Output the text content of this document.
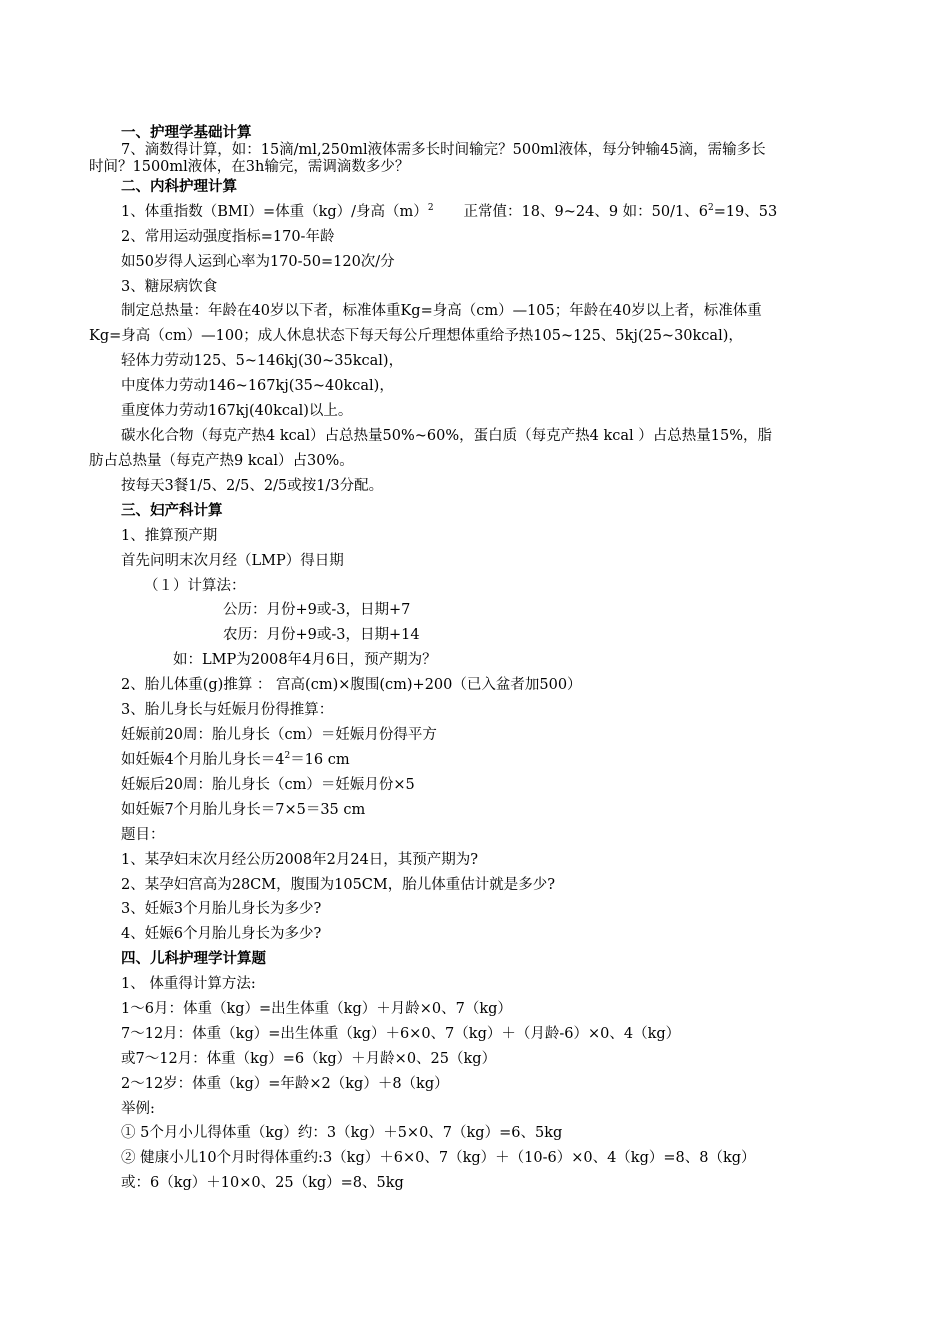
一、护理学基础计算
7、滴数得计算，如：15滴/ml,250ml液体需多长时间输完？500ml液体，每分钟输45滴，需输多长
时间？1500ml液体，在3h输完，需调滴数多少？
二、内科护理计算
1、体重指数（BMI）=体重（kg）/身高$(m)^2$ 正常值：18、9~24、9 如：50/1、$6^2=19$、53
2、常用运动强度指标=170-年龄
如50岁得人运到心率为170-50=120次/分
3、糖尿病饮食
制定总热量：年龄在40岁以下者，标准体重Kg=身高（cm）—105；年龄在40岁以上者，标准体重
Kg=身高（cm）—100；成人休息状态下每天每公斤理想体重给予热105~125、5kj(25~30kcal)，
轻体力劳动125、5~146kj(30~35kcal)，
中度体力劳动146~167kj(35~40kcal)，
重度体力劳动167kj(40kcal)以上。
碳水化合物（每克产热4 kcal）占总热量50%~60%，蛋白质（每克产热4 kcal ）占总热量15%，脂
肪占总热量（每克产热9 kcal）占30%。
按每天3餐1/5、2/5、2/5或按1/3分配。
三、妇产科计算
1、推算预产期
首先问明末次月经（LMP）得日期
（１）计算法：
公历：月份+9或-3，日期+7
农历：月份+9或-3，日期+14
如：LMP为2008年4月6日，预产期为？
2、胎儿体重(g)推算 ： 宫高(cm)×腹围(cm)+200（已入盆者加500）
3、胎儿身长与妊娠月份得推算：
妊娠前20周：胎儿身长（cm）＝妊娠月份得平方
如妊娠4个月胎儿身长$=4^2=16$ cm
妊娠后20周：胎儿身长（cm）＝妊娠月份×5
如妊娠7个月胎儿身长＝7×5＝35 cm
题目：
1、某孕妇末次月经公历2008年2月24日，其预产期为?
2、某孕妇宫高为28CM，腹围为105CM，胎儿体重估计就是多少?
3、妊娠3个月胎儿身长为多少?
4、妊娠6个月胎儿身长为多少?
四、儿科护理学计算题
1、 体重得计算方法:
1～6月：体重（kg）=出生体重（kg）＋月龄×0、7（kg）
7～12月：体重（kg）=出生体重（kg）＋6×0、7（kg）＋（月龄-6）×0、4（kg）
或7～12月：体重（kg）=6（kg）＋月龄×0、25（kg）
2～12岁：体重（kg）=年龄×2（kg）＋8（kg）
举例:
① 5个月小儿得体重（kg）约：3（kg）＋5×0、7（kg）=6、5kg
② 健康小儿10个月时得体重约:3（kg）＋6×0、7（kg）＋（10-6）×0、4（kg）=8、8（kg）
或：6（kg）＋10×0、25（kg）=8、5kg
